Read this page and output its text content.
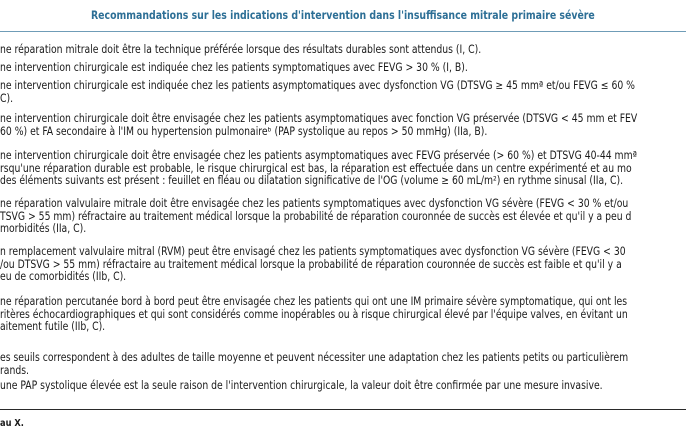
Recommandations sur les indications d'intervention dans l'insuffisance mitrale primaire sévère
ne réparation mitrale doit être la technique préférée lorsque des résultats durables sont attendus (I, C).
ne intervention chirurgicale est indiquée chez les patients symptomatiques avec FEVG > 30 % (I, B).
ne intervention chirurgicale est indiquée chez les patients asymptomatiques avec dysfonction VG (DTSVG ≥ 45 mmª et/ou FEVG ≤ 60 %
C).
ne intervention chirurgicale doit être envisagée chez les patients asymptomatiques avec fonction VG préservée (DTSVG < 45 mm et FEV
60 %) et FA secondaire à l'IM ou hypertension pulmonaireᵇ (PAP systolique au repos > 50 mmHg) (IIa, B).
ne intervention chirurgicale doit être envisagée chez les patients asymptomatiques avec FEVG préservée (> 60 %) et DTSVG 40-44 mmª
rsqu'une réparation durable est probable, le risque chirurgical est bas, la réparation est effectuée dans un centre expérimenté et au mo
des éléments suivants est présent : feuillet en fléau ou dilatation significative de l'OG (volume ≥ 60 mL/m²) en rythme sinusal (IIa, C).
ne réparation valvulaire mitrale doit être envisagée chez les patients symptomatiques avec dysfonction VG sévère (FEVG < 30 % et/ou
TSVG > 55 mm) réfractaire au traitement médical lorsque la probabilité de réparation couronnée de succès est élevée et qu'il y a peu d
morbidités (IIa, C).
n remplacement valvulaire mitral (RVM) peut être envisagé chez les patients symptomatiques avec dysfonction VG sévère (FEVG < 30
/ou DTSVG > 55 mm) réfractaire au traitement médical lorsque la probabilité de réparation couronnée de succès est faible et qu'il y a
eu de comorbidités (IIb, C).
ne réparation percutanée bord à bord peut être envisagée chez les patients qui ont une IM primaire sévère symptomatique, qui ont les
ritères échocardiographiques et qui sont considérés comme inopérables ou à risque chirurgical élevé par l'équipe valves, en évitant un
aitement futile (IIb, C).
es seuils correspondent à des adultes de taille moyenne et peuvent nécessiter une adaptation chez les patients petits ou particulièrem
rands.
une PAP systolique élevée est la seule raison de l'intervention chirurgicale, la valeur doit être confirmée par une mesure invasive.
au X.
